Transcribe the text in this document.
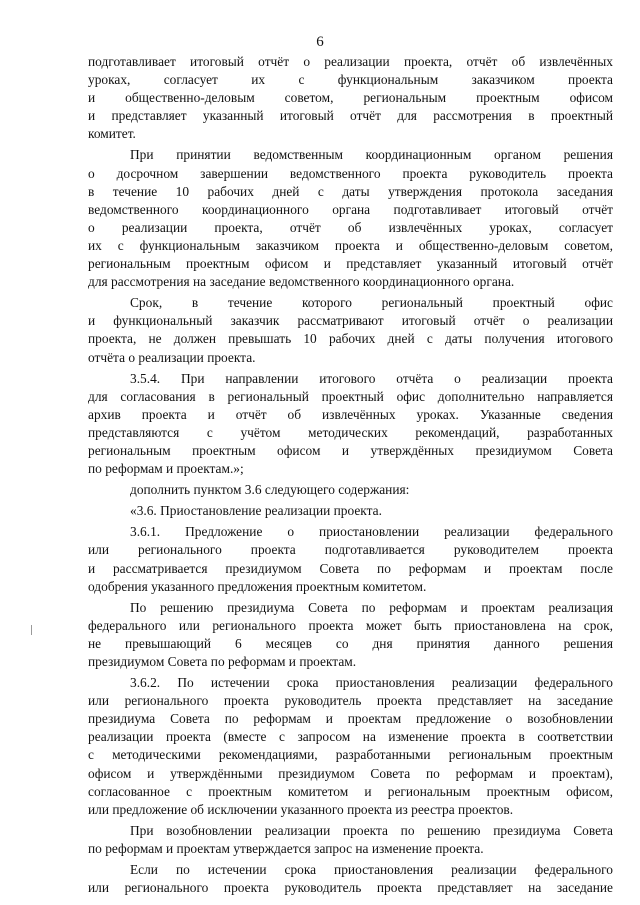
6
подготавливает итоговый отчёт о реализации проекта, отчёт об извлечённых
уроках, согласует их с функциональным заказчиком проекта
и общественно-деловым советом, региональным проектным офисом
и представляет указанный итоговый отчёт для рассмотрения в проектный
комитет.
При принятии ведомственным координационным органом решения
о досрочном завершении ведомственного проекта руководитель проекта
в течение 10 рабочих дней с даты утверждения протокола заседания
ведомственного координационного органа подготавливает итоговый отчёт
о реализации проекта, отчёт об извлечённых уроках, согласует
их с функциональным заказчиком проекта и общественно-деловым советом,
региональным проектным офисом и представляет указанный итоговый отчёт
для рассмотрения на заседание ведомственного координационного органа.
Срок, в течение которого региональный проектный офис
и функциональный заказчик рассматривают итоговый отчёт о реализации
проекта, не должен превышать 10 рабочих дней с даты получения итогового
отчёта о реализации проекта.
3.5.4. При направлении итогового отчёта о реализации проекта
для согласования в региональный проектный офис дополнительно направляется
архив проекта и отчёт об извлечённых уроках. Указанные сведения
представляются с учётом методических рекомендаций, разработанных
региональным проектным офисом и утверждённых президиумом Совета
по реформам и проектам.»;
дополнить пунктом 3.6 следующего содержания:
«3.6. Приостановление реализации проекта.
3.6.1. Предложение о приостановлении реализации федерального
или регионального проекта подготавливается руководителем проекта
и рассматривается президиумом Совета по реформам и проектам после
одобрения указанного предложения проектным комитетом.
По решению президиума Совета по реформам и проектам реализация
федерального или регионального проекта может быть приостановлена на срок,
не превышающий 6 месяцев со дня принятия данного решения
президиумом Совета по реформам и проектам.
3.6.2. По истечении срока приостановления реализации федерального
или регионального проекта руководитель проекта представляет на заседание
президиума Совета по реформам и проектам предложение о возобновлении
реализации проекта (вместе с запросом на изменение проекта в соответствии
с методическими рекомендациями, разработанными региональным проектным
офисом и утверждёнными президиумом Совета по реформам и проектам),
согласованное с проектным комитетом и региональным проектным офисом,
или предложение об исключении указанного проекта из реестра проектов.
При возобновлении реализации проекта по решению президиума Совета
по реформам и проектам утверждается запрос на изменение проекта.
Если по истечении срока приостановления реализации федерального
или регионального проекта руководитель проекта представляет на заседание
